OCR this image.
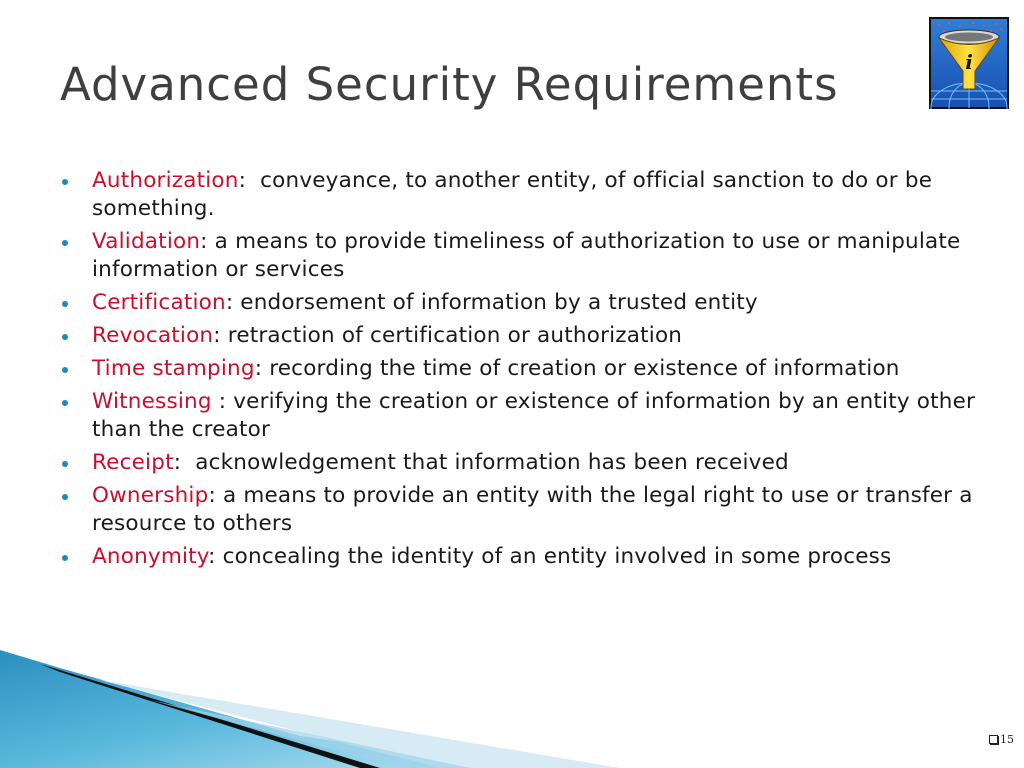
Advanced Security Requirements	i
Authorization:  conveyance, to another entity, of official sanction to do or be something.
Validation: a means to provide timeliness of authorization to use or manipulate information or services
Certification: endorsement of information by a trusted entity
Revocation: retraction of certification or authorization
Time stamping: recording the time of creation or existence of information
Witnessing : verifying the creation or existence of information by an entity other than the creator
Receipt:  acknowledgement that information has been received
Ownership: a means to provide an entity with the legal right to use or transfer a resource to others
Anonymity: concealing the identity of an entity involved in some process
15
